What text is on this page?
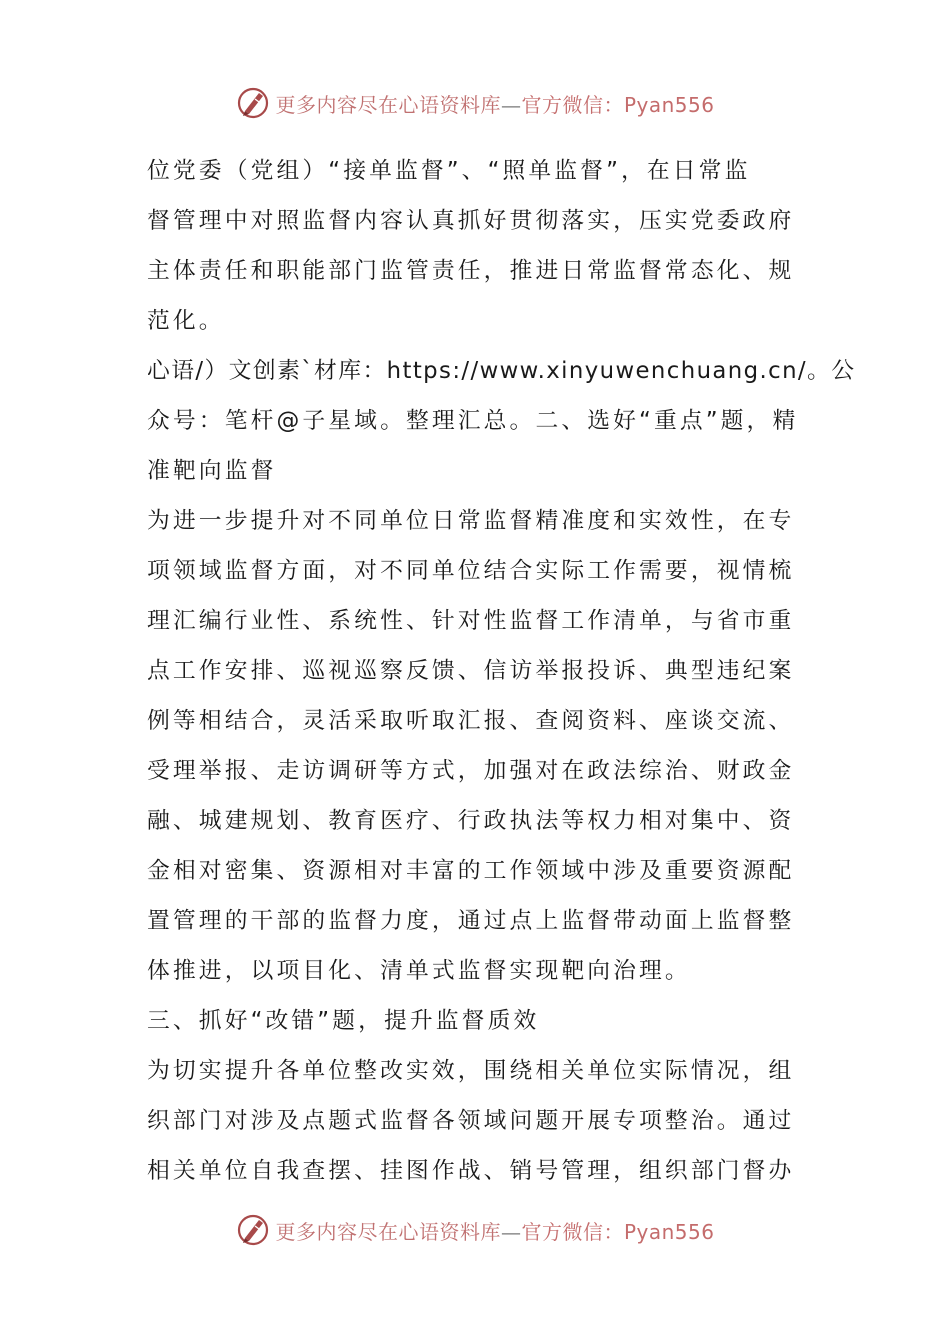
更多内容尽在心语资料库—官方微信：Pyan556
位党委（党组）“接单监督”、“照单监督”，在日常监
督管理中对照监督内容认真抓好贯彻落实，压实党委政府
主体责任和职能部门监管责任，推进日常监督常态化、规
范化。
心语/）文创素`材库：https://www.xinyuwenchuang.cn/。公
众号：笔杆@子星域。整理汇总。二、选好“重点”题，精
准靶向监督
为进一步提升对不同单位日常监督精准度和实效性，在专
项领域监督方面，对不同单位结合实际工作需要，视情梳
理汇编行业性、系统性、针对性监督工作清单，与省市重
点工作安排、巡视巡察反馈、信访举报投诉、典型违纪案
例等相结合，灵活采取听取汇报、查阅资料、座谈交流、
受理举报、走访调研等方式，加强对在政法综治、财政金
融、城建规划、教育医疗、行政执法等权力相对集中、资
金相对密集、资源相对丰富的工作领域中涉及重要资源配
置管理的干部的监督力度，通过点上监督带动面上监督整
体推进，以项目化、清单式监督实现靶向治理。
三、抓好“改错”题，提升监督质效
为切实提升各单位整改实效，围绕相关单位实际情况，组
织部门对涉及点题式监督各领域问题开展专项整治。通过
相关单位自我查摆、挂图作战、销号管理，组织部门督办
更多内容尽在心语资料库—官方微信：Pyan556
